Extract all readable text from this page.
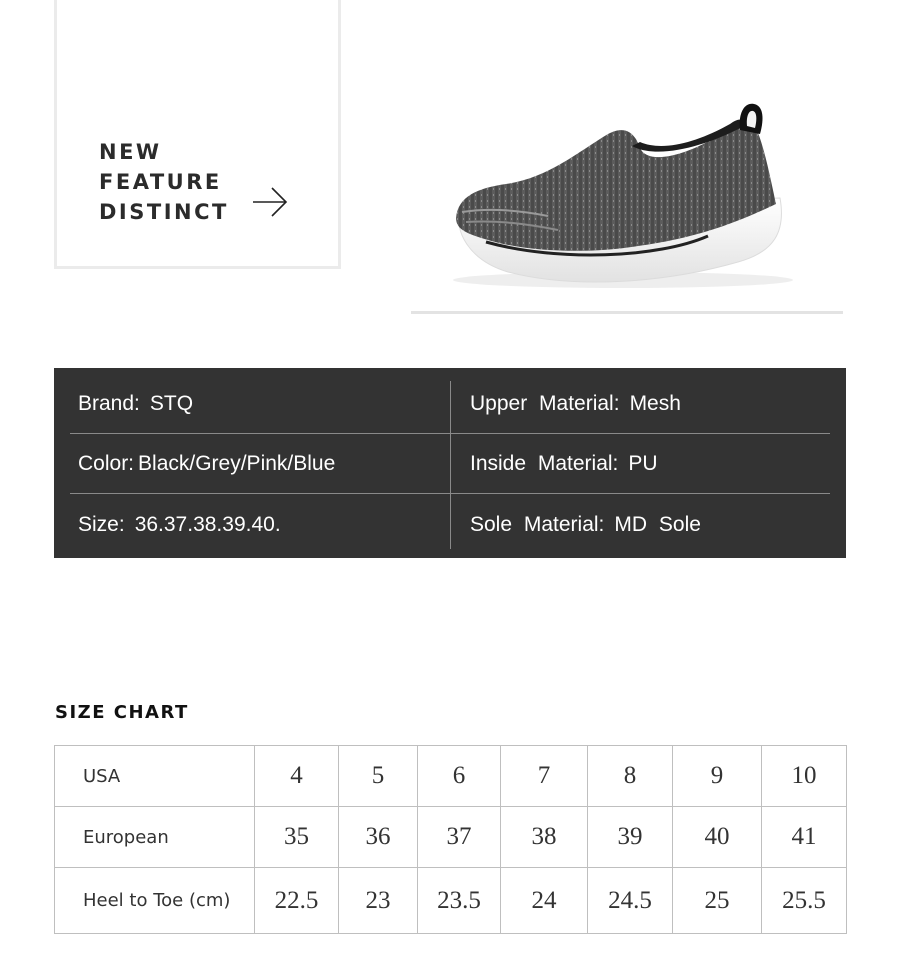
NEW
FEATURE
DISTINCT
Brand: STQ	Upper Material: Mesh
Color: Black/Grey/Pink/Blue	Inside Material: PU
Size: 36.37.38.39.40.	Sole Material: MD Sole
SIZE CHART
USA	4	5	6	7	8	9	10
European	35	36	37	38	39	40	41
Heel to Toe (cm)	22.5	23	23.5	24	24.5	25	25.5
